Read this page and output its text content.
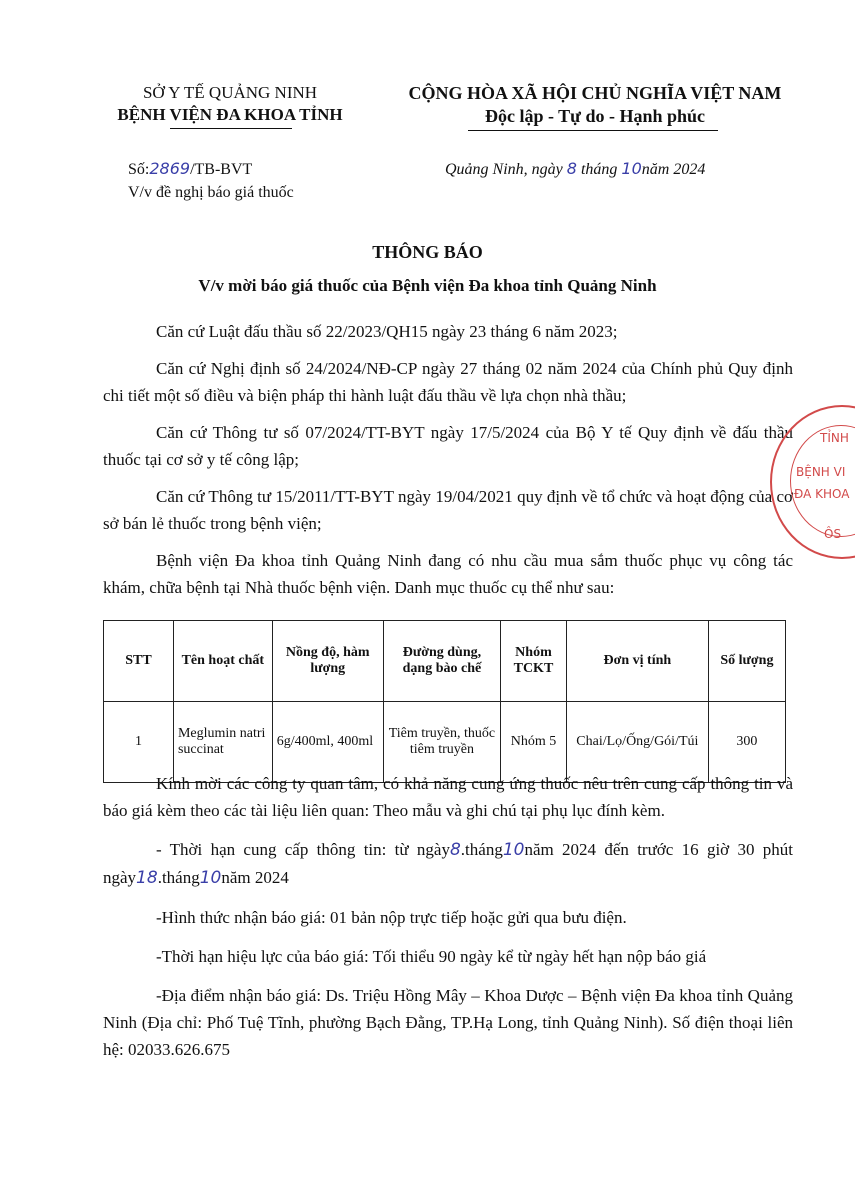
SỞ Y TẾ QUẢNG NINH
BỆNH VIỆN ĐA KHOA TỈNH
CỘNG HÒA XÃ HỘI CHỦ NGHĨA VIỆT NAM
Độc lập - Tự do - Hạnh phúc
Số:2869/TB-BVT
V/v đề nghị báo giá thuốc
Quảng Ninh, ngày 8 tháng 10năm 2024
THÔNG BÁO
V/v mời báo giá thuốc của Bệnh viện Đa khoa tỉnh Quảng Ninh

Căn cứ Luật đấu thầu số 22/2023/QH15 ngày 23 tháng 6 năm 2023;

Căn cứ Nghị định số 24/2024/NĐ-CP ngày 27 tháng 02 năm 2024 của Chính phủ Quy định chi tiết một số điều và biện pháp thi hành luật đấu thầu về lựa chọn nhà thầu;

Căn cứ Thông tư số 07/2024/TT-BYT ngày 17/5/2024 của Bộ Y tế Quy định về đấu thầu thuốc tại cơ sở y tế công lập;

Căn cứ Thông tư 15/2011/TT-BYT ngày 19/04/2021 quy định về tổ chức và hoạt động của cơ sở bán lẻ thuốc trong bệnh viện;

Bệnh viện Đa khoa tỉnh Quảng Ninh đang có nhu cầu mua sắm thuốc phục vụ công tác khám, chữa bệnh tại Nhà thuốc bệnh viện. Danh mục thuốc cụ thể như sau:

TỈNH
BỆNH VI
ĐA KHOA
ÔS
STT	Tên hoạt chất	Nồng độ, hàm lượng	Đường dùng, dạng bào chế	Nhóm TCKT	Đơn vị tính	Số lượng
1	Meglumin natri succinat	6g/400ml, 400ml	Tiêm truyền, thuốc tiêm truyền	Nhóm 5	Chai/Lọ/Ống/Gói/Túi	300

Kính mời các công ty quan tâm, có khả năng cung ứng thuốc nêu trên cung cấp thông tin và báo giá kèm theo các tài liệu liên quan: Theo mẫu và ghi chú tại phụ lục đính kèm.

- Thời hạn cung cấp thông tin: từ ngày8.tháng10năm 2024 đến trước 16 giờ 30 phút ngày18.tháng10năm 2024

-Hình thức nhận báo giá: 01 bản nộp trực tiếp hoặc gửi qua bưu điện.

-Thời hạn hiệu lực của báo giá: Tối thiểu 90 ngày kể từ ngày hết hạn nộp báo giá

-Địa điểm nhận báo giá: Ds. Triệu Hồng Mây – Khoa Dược – Bệnh viện Đa khoa tỉnh Quảng Ninh (Địa chỉ: Phố Tuệ Tĩnh, phường Bạch Đằng, TP.Hạ Long, tỉnh Quảng Ninh). Số điện thoại liên hệ: 02033.626.675
